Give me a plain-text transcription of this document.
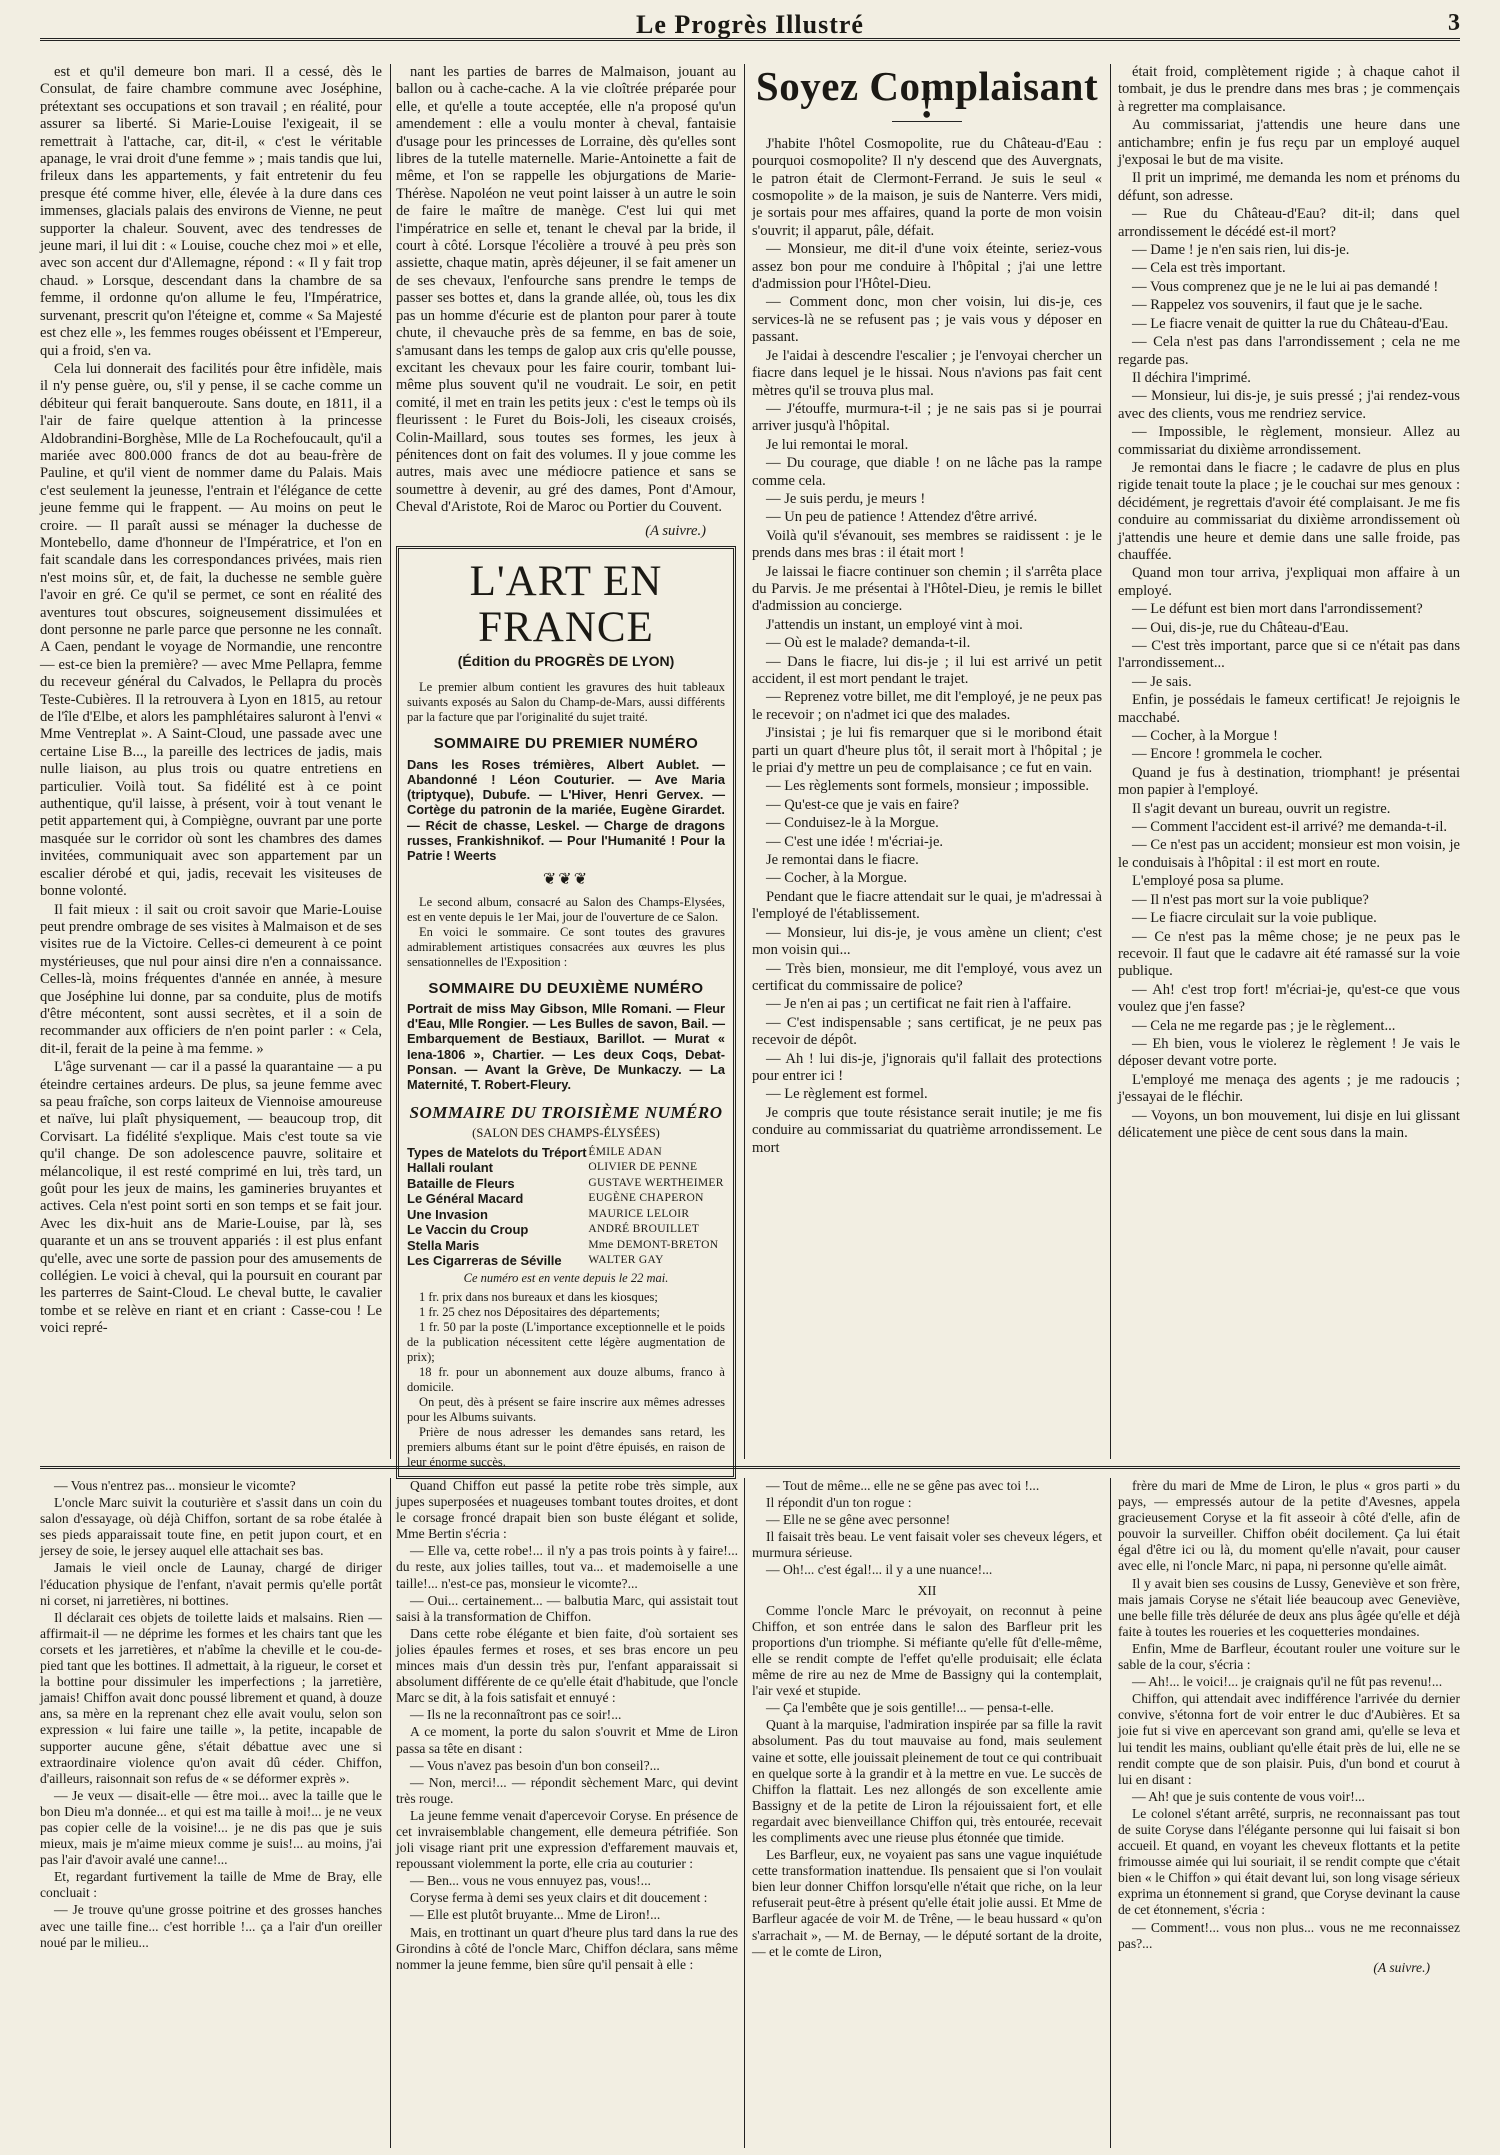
Le Progrès Illustré	3

est et qu'il demeure bon mari. Il a cessé, dès le Consulat, de faire chambre commune avec Joséphine, prétextant ses occupations et son travail ; en réalité, pour assurer sa liberté. Si Marie-Louise l'exigeait, il se remettrait à l'attache, car, dit-il, « c'est le véritable apanage, le vrai droit d'une femme » ; mais tandis que lui, frileux dans les appartements, y fait entretenir du feu presque été comme hiver, elle, élevée à la dure dans ces immenses, glacials palais des environs de Vienne, ne peut supporter la chaleur. Souvent, avec des tendresses de jeune mari, il lui dit : « Louise, couche chez moi » et elle, avec son accent dur d'Allemagne, répond : « Il y fait trop chaud. » Lorsque, descendant dans la chambre de sa femme, il ordonne qu'on allume le feu, l'Impératrice, survenant, prescrit qu'on l'éteigne et, comme « Sa Majesté est chez elle », les femmes rouges obéissent et l'Empereur, qui a froid, s'en va.

Cela lui donnerait des facilités pour être infidèle, mais il n'y pense guère, ou, s'il y pense, il se cache comme un débiteur qui ferait banqueroute. Sans doute, en 1811, il a l'air de faire quelque attention à la princesse Aldobrandini-Borghèse, Mlle de La Rochefoucault, qu'il a mariée avec 800.000 francs de dot au beau-frère de Pauline, et qu'il vient de nommer dame du Palais. Mais c'est seulement la jeunesse, l'entrain et l'élégance de cette jeune femme qui le frappent. — Au moins on peut le croire. — Il paraît aussi se ménager la duchesse de Montebello, dame d'honneur de l'Impératrice, et l'on en fait scandale dans les correspondances privées, mais rien n'est moins sûr, et, de fait, la duchesse ne semble guère l'avoir en gré. Ce qu'il se permet, ce sont en réalité des aventures tout obscures, soigneusement dissimulées et dont personne ne parle parce que personne ne les connaît. A Caen, pendant le voyage de Normandie, une rencontre — est-ce bien la première? — avec Mme Pellapra, femme du receveur général du Calvados, le Pellapra du procès Teste-Cubières. Il la retrouvera à Lyon en 1815, au retour de l'île d'Elbe, et alors les pamphlétaires saluront à l'envi « Mme Ventreplat ». A Saint-Cloud, une passade avec une certaine Lise B..., la pareille des lectrices de jadis, mais nulle liaison, au plus trois ou quatre entretiens en particulier. Voilà tout. Sa fidélité est à ce point authentique, qu'il laisse, à présent, voir à tout venant le petit appartement qui, à Compiègne, ouvrant par une porte masquée sur le corridor où sont les chambres des dames invitées, communiquait avec son appartement par un escalier dérobé et qui, jadis, recevait les visiteuses de bonne volonté.

Il fait mieux : il sait ou croit savoir que Marie-Louise peut prendre ombrage de ses visites à Malmaison et de ses visites rue de la Victoire. Celles-ci demeurent à ce point mystérieuses, que nul pour ainsi dire n'en a connaissance. Celles-là, moins fréquentes d'année en année, à mesure que Joséphine lui donne, par sa conduite, plus de motifs d'être mécontent, sont aussi secrètes, et il a soin de recommander aux officiers de n'en point parler : « Cela, dit-il, ferait de la peine à ma femme. »

L'âge survenant — car il a passé la quarantaine — a pu éteindre certaines ardeurs. De plus, sa jeune femme avec sa peau fraîche, son corps laiteux de Viennoise amoureuse et naïve, lui plaît physiquement, — beaucoup trop, dit Corvisart. La fidélité s'explique. Mais c'est toute sa vie qu'il change. De son adolescence pauvre, solitaire et mélancolique, il est resté comprimé en lui, très tard, un goût pour les jeux de mains, les gamineries bruyantes et actives. Cela n'est point sorti en son temps et se fait jour. Avec les dix-huit ans de Marie-Louise, par là, ses quarante et un ans se trouvent appariés : il est plus enfant qu'elle, avec une sorte de passion pour des amusements de collégien. Le voici à cheval, qui la poursuit en courant par les parterres de Saint-Cloud. Le cheval butte, le cavalier tombe et se relève en riant et en criant : Casse-cou ! Le voici repré-

nant les parties de barres de Malmaison, jouant au ballon ou à cache-cache. A la vie cloîtrée préparée pour elle, et qu'elle a toute acceptée, elle n'a proposé qu'un amendement : elle a voulu monter à cheval, fantaisie d'usage pour les princesses de Lorraine, dès qu'elles sont libres de la tutelle maternelle. Marie-Antoinette a fait de même, et l'on se rappelle les objurgations de Marie-Thérèse. Napoléon ne veut point laisser à un autre le soin de faire le maître de manège. C'est lui qui met l'impératrice en selle et, tenant le cheval par la bride, il court à côté. Lorsque l'écolière a trouvé à peu près son assiette, chaque matin, après déjeuner, il se fait amener un de ses chevaux, l'enfourche sans prendre le temps de passer ses bottes et, dans la grande allée, où, tous les dix pas un homme d'écurie est de planton pour parer à toute chute, il chevauche près de sa femme, en bas de soie, s'amusant dans les temps de galop aux cris qu'elle pousse, excitant les chevaux pour les faire courir, tombant lui-même plus souvent qu'il ne voudrait. Le soir, en petit comité, il met en train les petits jeux : c'est le temps où ils fleurissent : le Furet du Bois-Joli, les ciseaux croisés, Colin-Maillard, sous toutes ses formes, les jeux à pénitences dont on fait des volumes. Il y joue comme les autres, mais avec une médiocre patience et sans se soumettre à devenir, au gré des dames, Pont d'Amour, Cheval d'Aristote, Roi de Maroc ou Portier du Couvent.

(A suivre.)
L'ART EN FRANCE
(Édition du PROGRÈS DE LYON)

Le premier album contient les gravures des huit tableaux suivants exposés au Salon du Champ-de-Mars, aussi différents par la facture que par l'originalité du sujet traité.

SOMMAIRE DU PREMIER NUMÉRO
Dans les Roses trémières, Albert Aublet. — Abandonné ! Léon Couturier. — Ave Maria (triptyque), Dubufe. — L'Hiver, Henri Gervex. — Cortège du patronin de la mariée, Eugène Girardet. — Récit de chasse, Leskel. — Charge de dragons russes, Frankishnikof. — Pour l'Humanité ! Pour la Patrie ! Weerts
❦❦❦

Le second album, consacré au Salon des Champs-Elysées, est en vente depuis le 1er Mai, jour de l'ouverture de ce Salon.

En voici le sommaire. Ce sont toutes des gravures admirablement artistiques consacrées aux œuvres les plus sensationnelles de l'Exposition :

SOMMAIRE DU DEUXIÈME NUMÉRO
Portrait de miss May Gibson, Mlle Romani. — Fleur d'Eau, Mlle Rongier. — Les Bulles de savon, Bail. — Embarquement de Bestiaux, Barillot. — Murat « Iena-1806 », Chartier. — Les deux Coqs, Debat-Ponsan. — Avant la Grève, De Munkaczy. — La Maternité, T. Robert-Fleury.
SOMMAIRE DU TROISIÈME NUMÉRO
(SALON DES CHAMPS-ÉLYSÉES)
Types de Matelots du Tréport	ÉMILE ADAN
Hallali roulant	OLIVIER DE PENNE
Bataille de Fleurs	GUSTAVE WERTHEIMER
Le Général Macard	EUGÈNE CHAPERON
Une Invasion	MAURICE LELOIR
Le Vaccin du Croup	ANDRÉ BROUILLET
Stella Maris	Mme DEMONT-BRETON
Les Cigarreras de Séville	WALTER GAY
Ce numéro est en vente depuis le 22 mai.

1 fr. prix dans nos bureaux et dans les kiosques;

1 fr. 25 chez nos Dépositaires des départements;

1 fr. 50 par la poste (L'importance exceptionnelle et le poids de la publication nécessitent cette légère augmentation de prix);

18 fr. pour un abonnement aux douze albums, franco à domicile.

On peut, dès à présent se faire inscrire aux mêmes adresses pour les Albums suivants.

Prière de nous adresser les demandes sans retard, les premiers albums étant sur le point d'être épuisés, en raison de leur énorme succès.

Soyez Complaisant !

J'habite l'hôtel Cosmopolite, rue du Château-d'Eau : pourquoi cosmopolite? Il n'y descend que des Auvergnats, le patron était de Clermont-Ferrand. Je suis le seul « cosmopolite » de la maison, je suis de Nanterre. Vers midi, je sortais pour mes affaires, quand la porte de mon voisin s'ouvrit; il apparut, pâle, défait.

— Monsieur, me dit-il d'une voix éteinte, seriez-vous assez bon pour me conduire à l'hôpital ; j'ai une lettre d'admission pour l'Hôtel-Dieu.

— Comment donc, mon cher voisin, lui dis-je, ces services-là ne se refusent pas ; je vais vous y déposer en passant.

Je l'aidai à descendre l'escalier ; je l'envoyai chercher un fiacre dans lequel je le hissai. Nous n'avions pas fait cent mètres qu'il se trouva plus mal.

— J'étouffe, murmura-t-il ; je ne sais pas si je pourrai arriver jusqu'à l'hôpital.

Je lui remontai le moral.

— Du courage, que diable ! on ne lâche pas la rampe comme cela.

— Je suis perdu, je meurs !

— Un peu de patience ! Attendez d'être arrivé.

Voilà qu'il s'évanouit, ses membres se raidissent : je le prends dans mes bras : il était mort !

Je laissai le fiacre continuer son chemin ; il s'arrêta place du Parvis. Je me présentai à l'Hôtel-Dieu, je remis le billet d'admission au concierge.

J'attendis un instant, un employé vint à moi.

— Où est le malade? demanda-t-il.

— Dans le fiacre, lui dis-je ; il lui est arrivé un petit accident, il est mort pendant le trajet.

— Reprenez votre billet, me dit l'employé, je ne peux pas le recevoir ; on n'admet ici que des malades.

J'insistai ; je lui fis remarquer que si le moribond était parti un quart d'heure plus tôt, il serait mort à l'hôpital ; je le priai d'y mettre un peu de complaisance ; ce fut en vain.

— Les règlements sont formels, monsieur ; impossible.

— Qu'est-ce que je vais en faire?

— Conduisez-le à la Morgue.

— C'est une idée ! m'écriai-je.

Je remontai dans le fiacre.

— Cocher, à la Morgue.

Pendant que le fiacre attendait sur le quai, je m'adressai à l'employé de l'établissement.

— Monsieur, lui dis-je, je vous amène un client; c'est mon voisin qui...

— Très bien, monsieur, me dit l'employé, vous avez un certificat du commissaire de police?

— Je n'en ai pas ; un certificat ne fait rien à l'affaire.

— C'est indispensable ; sans certificat, je ne peux pas recevoir de dépôt.

— Ah ! lui dis-je, j'ignorais qu'il fallait des protections pour entrer ici !

— Le règlement est formel.

Je compris que toute résistance serait inutile; je me fis conduire au commissariat du quatrième arrondissement. Le mort

était froid, complètement rigide ; à chaque cahot il tombait, je dus le prendre dans mes bras ; je commençais à regretter ma complaisance.

Au commissariat, j'attendis une heure dans une antichambre; enfin je fus reçu par un employé auquel j'exposai le but de ma visite.

Il prit un imprimé, me demanda les nom et prénoms du défunt, son adresse.

— Rue du Château-d'Eau? dit-il; dans quel arrondissement le décédé est-il mort?

— Dame ! je n'en sais rien, lui dis-je.

— Cela est très important.

— Vous comprenez que je ne le lui ai pas demandé !

— Rappelez vos souvenirs, il faut que je le sache.

— Le fiacre venait de quitter la rue du Château-d'Eau.

— Cela n'est pas dans l'arrondissement ; cela ne me regarde pas.

Il déchira l'imprimé.

— Monsieur, lui dis-je, je suis pressé ; j'ai rendez-vous avec des clients, vous me rendriez service.

— Impossible, le règlement, monsieur. Allez au commissariat du dixième arrondissement.

Je remontai dans le fiacre ; le cadavre de plus en plus rigide tenait toute la place ; je le couchai sur mes genoux : décidément, je regrettais d'avoir été complaisant. Je me fis conduire au commissariat du dixième arrondissement où j'attendis une heure et demie dans une salle froide, pas chauffée.

Quand mon tour arriva, j'expliquai mon affaire à un employé.

— Le défunt est bien mort dans l'arrondissement?

— Oui, dis-je, rue du Château-d'Eau.

— C'est très important, parce que si ce n'était pas dans l'arrondissement...

— Je sais.

Enfin, je possédais le fameux certificat! Je rejoignis le macchabé.

— Cocher, à la Morgue !

— Encore ! grommela le cocher.

Quand je fus à destination, triomphant! je présentai mon papier à l'employé.

Il s'agit devant un bureau, ouvrit un registre.

— Comment l'accident est-il arrivé? me demanda-t-il.

— Ce n'est pas un accident; monsieur est mon voisin, je le conduisais à l'hôpital : il est mort en route.

L'employé posa sa plume.

— Il n'est pas mort sur la voie publique?

— Le fiacre circulait sur la voie publique.

— Ce n'est pas la même chose; je ne peux pas le recevoir. Il faut que le cadavre ait été ramassé sur la voie publique.

— Ah! c'est trop fort! m'écriai-je, qu'est-ce que vous voulez que j'en fasse?

— Cela ne me regarde pas ; je le règlement...

— Eh bien, vous le violerez le règlement ! Je vais le déposer devant votre porte.

L'employé me menaça des agents ; je me radoucis ; j'essayai de le fléchir.

— Voyons, un bon mouvement, lui disje en lui glissant délicatement une pièce de cent sous dans la main.

— Vous n'entrez pas... monsieur le vicomte?

L'oncle Marc suivit la couturière et s'assit dans un coin du salon d'essayage, où déjà Chiffon, sortant de sa robe étalée à ses pieds apparaissait toute fine, en petit jupon court, et en jersey de soie, le jersey auquel elle attachait ses bas.

Jamais le vieil oncle de Launay, chargé de diriger l'éducation physique de l'enfant, n'avait permis qu'elle portât ni corset, ni jarretières, ni bottines.

Il déclarait ces objets de toilette laids et malsains. Rien — affirmait-il — ne déprime les formes et les chairs tant que les corsets et les jarretières, et n'abîme la cheville et le cou-de-pied tant que les bottines. Il admettait, à la rigueur, le corset et la bottine pour dissimuler les imperfections ; la jarretière, jamais! Chiffon avait donc poussé librement et quand, à douze ans, sa mère en la reprenant chez elle avait voulu, selon son expression « lui faire une taille », la petite, incapable de supporter aucune gêne, s'était débattue avec une si extraordinaire violence qu'on avait dû céder. Chiffon, d'ailleurs, raisonnait son refus de « se déformer exprès ».

— Je veux — disait-elle — être moi... avec la taille que le bon Dieu m'a donnée... et qui est ma taille à moi!... je ne veux pas copier celle de la voisine!... je ne dis pas que je suis mieux, mais je m'aime mieux comme je suis!... au moins, j'ai pas l'air d'avoir avalé une canne!...

Et, regardant furtivement la taille de Mme de Bray, elle concluait :

— Je trouve qu'une grosse poitrine et des grosses hanches avec une taille fine... c'est horrible !... ça a l'air d'un oreiller noué par le milieu...

Quand Chiffon eut passé la petite robe très simple, aux jupes superposées et nuageuses tombant toutes droites, et dont le corsage froncé drapait bien son buste élégant et solide, Mme Bertin s'écria :

— Elle va, cette robe!... il n'y a pas trois points à y faire!... du reste, aux jolies tailles, tout va... et mademoiselle a une taille!... n'est-ce pas, monsieur le vicomte?...

— Oui... certainement... — balbutia Marc, qui assistait tout saisi à la transformation de Chiffon.

Dans cette robe élégante et bien faite, d'où sortaient ses jolies épaules fermes et roses, et ses bras encore un peu minces mais d'un dessin très pur, l'enfant apparaissait si absolument différente de ce qu'elle était d'habitude, que l'oncle Marc se dit, à la fois satisfait et ennuyé :

— Ils ne la reconnaîtront pas ce soir!...

A ce moment, la porte du salon s'ouvrit et Mme de Liron passa sa tête en disant :

— Vous n'avez pas besoin d'un bon conseil?...

— Non, merci!... — répondit sèchement Marc, qui devint très rouge.

La jeune femme venait d'apercevoir Coryse. En présence de cet invraisemblable changement, elle demeura pétrifiée. Son joli visage riant prit une expression d'effarement mauvais et, repoussant violemment la porte, elle cria au couturier :

— Ben... vous ne vous ennuyez pas, vous!...

Coryse ferma à demi ses yeux clairs et dit doucement :

— Elle est plutôt bruyante... Mme de Liron!...

Mais, en trottinant un quart d'heure plus tard dans la rue des Girondins à côté de l'oncle Marc, Chiffon déclara, sans même nommer la jeune femme, bien sûre qu'il pensait à elle :

— Tout de même... elle ne se gêne pas avec toi !...

Il répondit d'un ton rogue :

— Elle ne se gêne avec personne!

Il faisait très beau. Le vent faisait voler ses cheveux légers, et murmura sérieuse.

— Oh!... c'est égal!... il y a une nuance!...

XII

Comme l'oncle Marc le prévoyait, on reconnut à peine Chiffon, et son entrée dans le salon des Barfleur prit les proportions d'un triomphe. Si méfiante qu'elle fût d'elle-même, elle se rendit compte de l'effet qu'elle produisait; elle éclata même de rire au nez de Mme de Bassigny qui la contemplait, l'air vexé et stupide.

— Ça l'embête que je sois gentille!... — pensa-t-elle.

Quant à la marquise, l'admiration inspirée par sa fille la ravit absolument. Pas du tout mauvaise au fond, mais seulement vaine et sotte, elle jouissait pleinement de tout ce qui contribuait en quelque sorte à la grandir et à la mettre en vue. Le succès de Chiffon la flattait. Les nez allongés de son excellente amie Bassigny et de la petite de Liron la réjouissaient fort, et elle regardait avec bienveillance Chiffon qui, très entourée, recevait les compliments avec une rieuse plus étonnée que timide.

Les Barfleur, eux, ne voyaient pas sans une vague inquiétude cette transformation inattendue. Ils pensaient que si l'on voulait bien leur donner Chiffon lorsqu'elle n'était que riche, on la leur refuserait peut-être à présent qu'elle était jolie aussi. Et Mme de Barfleur agacée de voir M. de Trêne, — le beau hussard « qu'on s'arrachait », — M. de Bernay, — le député sortant de la droite, — et le comte de Liron,

frère du mari de Mme de Liron, le plus « gros parti » du pays, — empressés autour de la petite d'Avesnes, appela gracieusement Coryse et la fit asseoir à côté d'elle, afin de pouvoir la surveiller. Chiffon obéit docilement. Ça lui était égal d'être ici ou là, du moment qu'elle n'avait, pour causer avec elle, ni l'oncle Marc, ni papa, ni personne qu'elle aimât.

Il y avait bien ses cousins de Lussy, Geneviève et son frère, mais jamais Coryse ne s'était liée beaucoup avec Geneviève, une belle fille très délurée de deux ans plus âgée qu'elle et déjà faite à toutes les roueries et les coquetteries mondaines.

Enfin, Mme de Barfleur, écoutant rouler une voiture sur le sable de la cour, s'écria :

— Ah!... le voici!... je craignais qu'il ne fût pas revenu!...

Chiffon, qui attendait avec indifférence l'arrivée du dernier convive, s'étonna fort de voir entrer le duc d'Aubières. Et sa joie fut si vive en apercevant son grand ami, qu'elle se leva et lui tendit les mains, oubliant qu'elle était près de lui, elle ne se rendit compte que de son plaisir. Puis, d'un bond et courut à lui en disant :

— Ah! que je suis contente de vous voir!...

Le colonel s'étant arrêté, surpris, ne reconnaissant pas tout de suite Coryse dans l'élégante personne qui lui faisait si bon accueil. Et quand, en voyant les cheveux flottants et la petite frimousse aimée qui lui souriait, il se rendit compte que c'était bien « le Chiffon » qui était devant lui, son long visage sérieux exprima un étonnement si grand, que Coryse devinant la cause de cet étonnement, s'écria :

— Comment!... vous non plus... vous ne me reconnaissez pas?...

(A suivre.)
